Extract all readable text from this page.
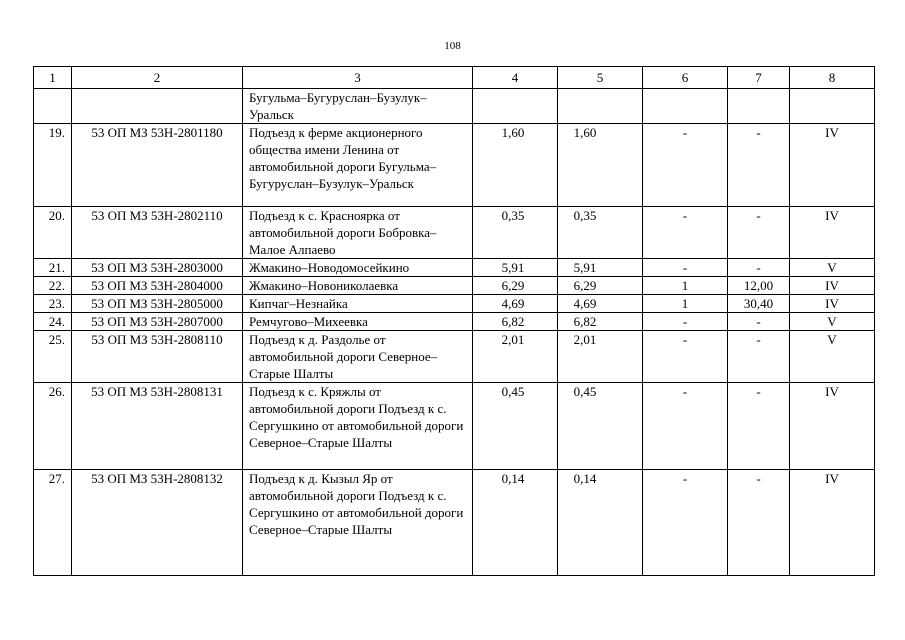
108
1	2	3	4	5	6	7	8
		Бугульма–Бугуруслан–Бузулук–Уральск					
19.	53 ОП МЗ 53Н-2801180	Подъезд к ферме акционерного общества имени Ленина от автомобильной дороги Бугульма–Бугуруслан–Бузулук–Уральск	1,60	1,60	-	-	IV
20.	53 ОП МЗ 53Н-2802110	Подъезд к с. Красноярка от автомобильной дороги Бобровка–Малое Алпаево	0,35	0,35	-	-	IV
21.	53 ОП МЗ 53Н-2803000	Жмакино–Новодомосейкино	5,91	5,91	-	-	V
22.	53 ОП МЗ 53Н-2804000	Жмакино–Новониколаевка	6,29	6,29	1	12,00	IV
23.	53 ОП МЗ 53Н-2805000	Кипчаг–Незнайка	4,69	4,69	1	30,40	IV
24.	53 ОП МЗ 53Н-2807000	Ремчугово–Михеевка	6,82	6,82	-	-	V
25.	53 ОП МЗ 53Н-2808110	Подъезд к д. Раздолье от автомобильной дороги Северное–Старые Шалты	2,01	2,01	-	-	V
26.	53 ОП МЗ 53Н-2808131	Подъезд к с. Кряжлы от автомобильной дороги Подъезд к с. Сергушкино от автомобильной дороги Северное–Старые Шалты	0,45	0,45	-	-	IV
27.	53 ОП МЗ 53Н-2808132	Подъезд к д. Кызыл Яр от автомобильной дороги Подъезд к с. Сергушкино от автомобильной дороги Северное–Старые Шалты	0,14	0,14	-	-	IV
